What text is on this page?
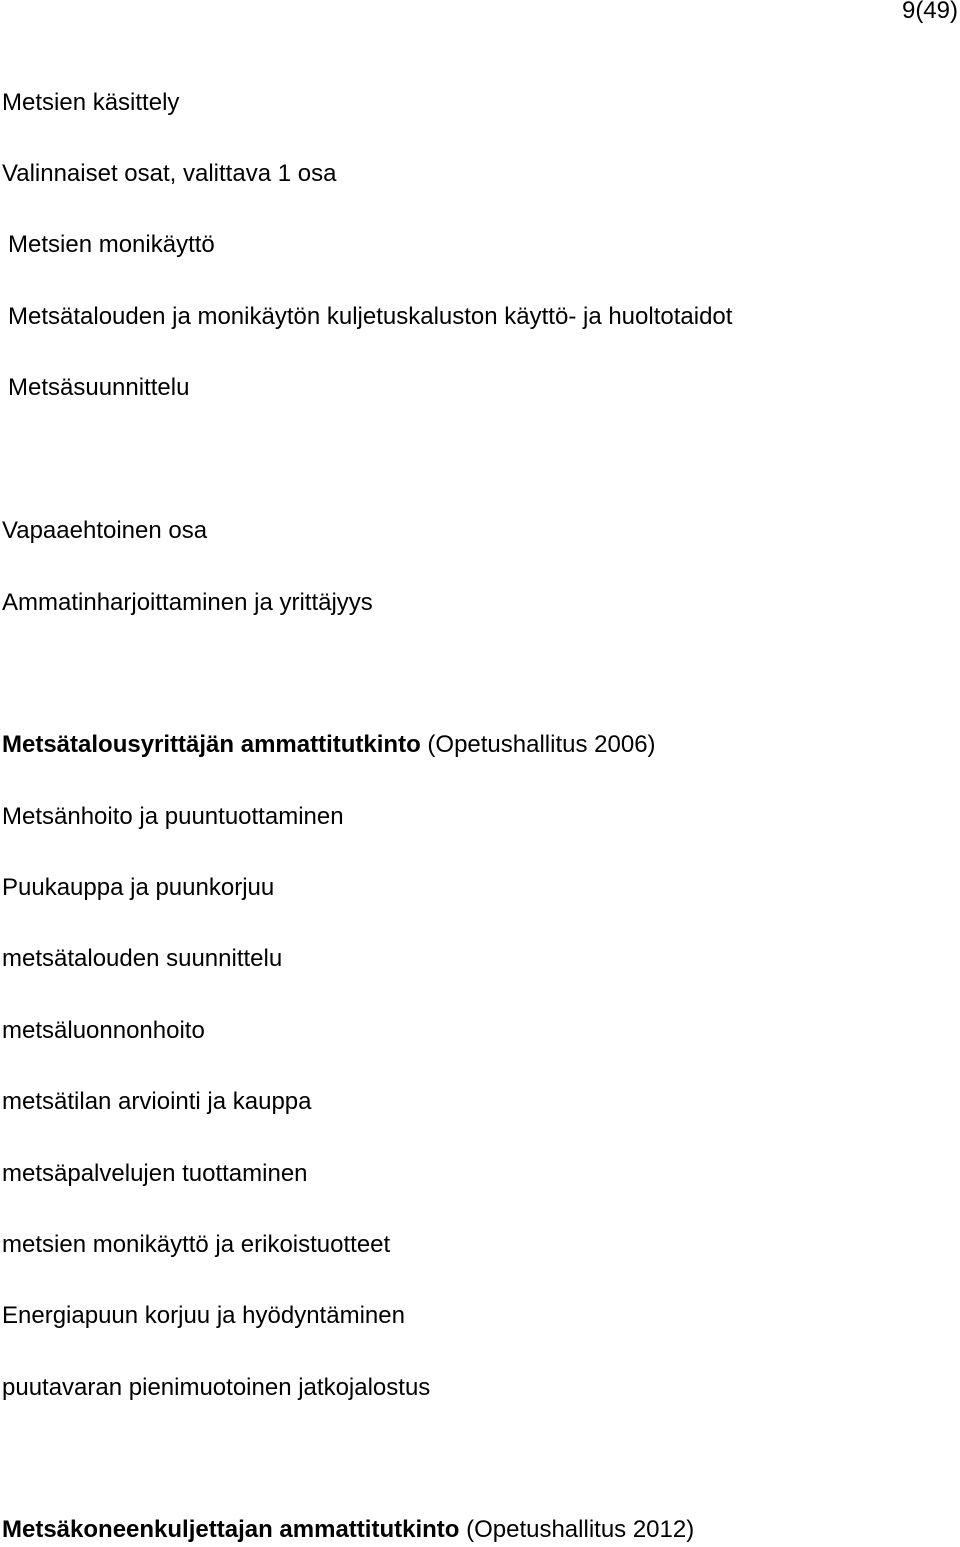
9(49)
Metsien käsittely
Valinnaiset osat, valittava 1 osa
Metsien monikäyttö
Metsätalouden ja monikäytön kuljetuskaluston käyttö- ja huoltotaidot
Metsäsuunnittelu
Vapaaehtoinen osa
Ammatinharjoittaminen ja yrittäjyys
Metsätalousyrittäjän ammattitutkinto (Opetushallitus 2006)
Metsänhoito ja puuntuottaminen
Puukauppa ja puunkorjuu
metsätalouden suunnittelu
metsäluonnonhoito
metsätilan arviointi ja kauppa
metsäpalvelujen tuottaminen
metsien monikäyttö ja erikoistuotteet
Energiapuun korjuu ja hyödyntäminen
puutavaran pienimuotoinen jatkojalostus
Metsäkoneenkuljettajan ammattitutkinto (Opetushallitus 2012)
